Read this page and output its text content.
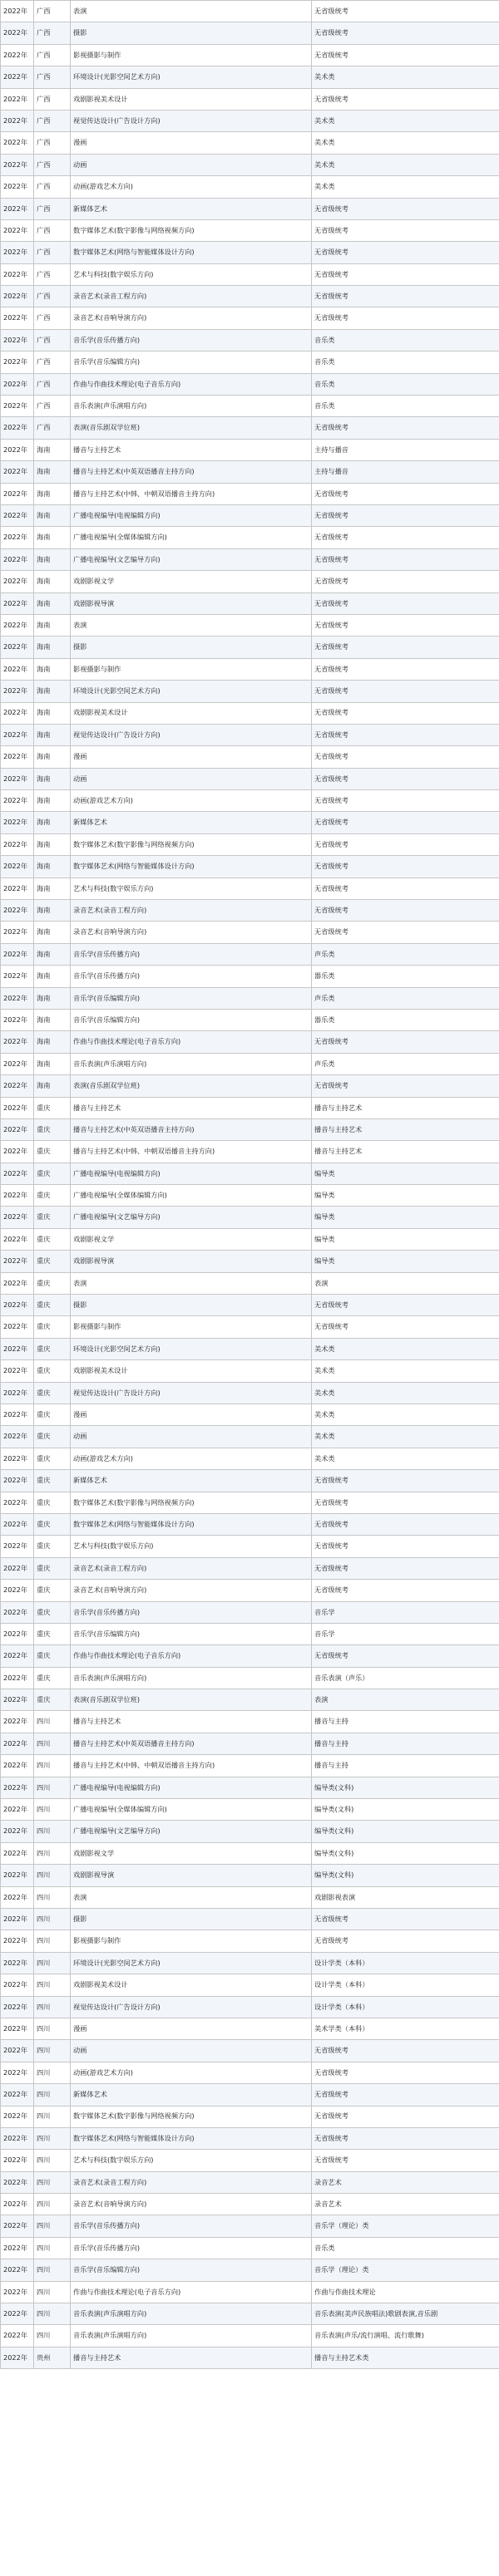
2022年	广西	表演	无省级统考
2022年	广西	摄影	无省级统考
2022年	广西	影视摄影与制作	无省级统考
2022年	广西	环境设计(光影空间艺术方向)	美术类
2022年	广西	戏剧影视美术设计	无省级统考
2022年	广西	视觉传达设计(广告设计方向)	美术类
2022年	广西	漫画	美术类
2022年	广西	动画	美术类
2022年	广西	动画(游戏艺术方向)	美术类
2022年	广西	新媒体艺术	无省级统考
2022年	广西	数字媒体艺术(数字影像与网络视频方向)	无省级统考
2022年	广西	数字媒体艺术(网络与智能媒体设计方向)	无省级统考
2022年	广西	艺术与科技(数字娱乐方向)	无省级统考
2022年	广西	录音艺术(录音工程方向)	无省级统考
2022年	广西	录音艺术(音响导演方向)	无省级统考
2022年	广西	音乐学(音乐传播方向)	音乐类
2022年	广西	音乐学(音乐编辑方向)	音乐类
2022年	广西	作曲与作曲技术理论(电子音乐方向)	音乐类
2022年	广西	音乐表演(声乐演唱方向)	音乐类
2022年	广西	表演(音乐剧双学位班)	无省级统考
2022年	海南	播音与主持艺术	主持与播音
2022年	海南	播音与主持艺术(中英双语播音主持方向)	主持与播音
2022年	海南	播音与主持艺术(中韩、中朝双语播音主持方向)	无省级统考
2022年	海南	广播电视编导(电视编辑方向)	无省级统考
2022年	海南	广播电视编导(全媒体编辑方向)	无省级统考
2022年	海南	广播电视编导(文艺编导方向)	无省级统考
2022年	海南	戏剧影视文学	无省级统考
2022年	海南	戏剧影视导演	无省级统考
2022年	海南	表演	无省级统考
2022年	海南	摄影	无省级统考
2022年	海南	影视摄影与制作	无省级统考
2022年	海南	环境设计(光影空间艺术方向)	无省级统考
2022年	海南	戏剧影视美术设计	无省级统考
2022年	海南	视觉传达设计(广告设计方向)	无省级统考
2022年	海南	漫画	无省级统考
2022年	海南	动画	无省级统考
2022年	海南	动画(游戏艺术方向)	无省级统考
2022年	海南	新媒体艺术	无省级统考
2022年	海南	数字媒体艺术(数字影像与网络视频方向)	无省级统考
2022年	海南	数字媒体艺术(网络与智能媒体设计方向)	无省级统考
2022年	海南	艺术与科技(数字娱乐方向)	无省级统考
2022年	海南	录音艺术(录音工程方向)	无省级统考
2022年	海南	录音艺术(音响导演方向)	无省级统考
2022年	海南	音乐学(音乐传播方向)	声乐类
2022年	海南	音乐学(音乐传播方向)	器乐类
2022年	海南	音乐学(音乐编辑方向)	声乐类
2022年	海南	音乐学(音乐编辑方向)	器乐类
2022年	海南	作曲与作曲技术理论(电子音乐方向)	无省级统考
2022年	海南	音乐表演(声乐演唱方向)	声乐类
2022年	海南	表演(音乐剧双学位班)	无省级统考
2022年	重庆	播音与主持艺术	播音与主持艺术
2022年	重庆	播音与主持艺术(中英双语播音主持方向)	播音与主持艺术
2022年	重庆	播音与主持艺术(中韩、中朝双语播音主持方向)	播音与主持艺术
2022年	重庆	广播电视编导(电视编辑方向)	编导类
2022年	重庆	广播电视编导(全媒体编辑方向)	编导类
2022年	重庆	广播电视编导(文艺编导方向)	编导类
2022年	重庆	戏剧影视文学	编导类
2022年	重庆	戏剧影视导演	编导类
2022年	重庆	表演	表演
2022年	重庆	摄影	无省级统考
2022年	重庆	影视摄影与制作	无省级统考
2022年	重庆	环境设计(光影空间艺术方向)	美术类
2022年	重庆	戏剧影视美术设计	美术类
2022年	重庆	视觉传达设计(广告设计方向)	美术类
2022年	重庆	漫画	美术类
2022年	重庆	动画	美术类
2022年	重庆	动画(游戏艺术方向)	美术类
2022年	重庆	新媒体艺术	无省级统考
2022年	重庆	数字媒体艺术(数字影像与网络视频方向)	无省级统考
2022年	重庆	数字媒体艺术(网络与智能媒体设计方向)	无省级统考
2022年	重庆	艺术与科技(数字娱乐方向)	无省级统考
2022年	重庆	录音艺术(录音工程方向)	无省级统考
2022年	重庆	录音艺术(音响导演方向)	无省级统考
2022年	重庆	音乐学(音乐传播方向)	音乐学
2022年	重庆	音乐学(音乐编辑方向)	音乐学
2022年	重庆	作曲与作曲技术理论(电子音乐方向)	无省级统考
2022年	重庆	音乐表演(声乐演唱方向)	音乐表演（声乐）
2022年	重庆	表演(音乐剧双学位班)	表演
2022年	四川	播音与主持艺术	播音与主持
2022年	四川	播音与主持艺术(中英双语播音主持方向)	播音与主持
2022年	四川	播音与主持艺术(中韩、中朝双语播音主持方向)	播音与主持
2022年	四川	广播电视编导(电视编辑方向)	编导类(文科)
2022年	四川	广播电视编导(全媒体编辑方向)	编导类(文科)
2022年	四川	广播电视编导(文艺编导方向)	编导类(文科)
2022年	四川	戏剧影视文学	编导类(文科)
2022年	四川	戏剧影视导演	编导类(文科)
2022年	四川	表演	戏剧影视表演
2022年	四川	摄影	无省级统考
2022年	四川	影视摄影与制作	无省级统考
2022年	四川	环境设计(光影空间艺术方向)	设计学类（本科）
2022年	四川	戏剧影视美术设计	设计学类（本科）
2022年	四川	视觉传达设计(广告设计方向)	设计学类（本科）
2022年	四川	漫画	美术学类（本科）
2022年	四川	动画	无省级统考
2022年	四川	动画(游戏艺术方向)	无省级统考
2022年	四川	新媒体艺术	无省级统考
2022年	四川	数字媒体艺术(数字影像与网络视频方向)	无省级统考
2022年	四川	数字媒体艺术(网络与智能媒体设计方向)	无省级统考
2022年	四川	艺术与科技(数字娱乐方向)	无省级统考
2022年	四川	录音艺术(录音工程方向)	录音艺术
2022年	四川	录音艺术(音响导演方向)	录音艺术
2022年	四川	音乐学(音乐传播方向)	音乐学（理论）类
2022年	四川	音乐学(音乐传播方向)	音乐类
2022年	四川	音乐学(音乐编辑方向)	音乐学（理论）类
2022年	四川	作曲与作曲技术理论(电子音乐方向)	作曲与作曲技术理论
2022年	四川	音乐表演(声乐演唱方向)	音乐表演(美声民族唱法)歌剧表演,音乐剧
2022年	四川	音乐表演(声乐演唱方向)	音乐表演(声乐/流行演唱、流行歌舞)
2022年	贵州	播音与主持艺术	播音与主持艺术类
